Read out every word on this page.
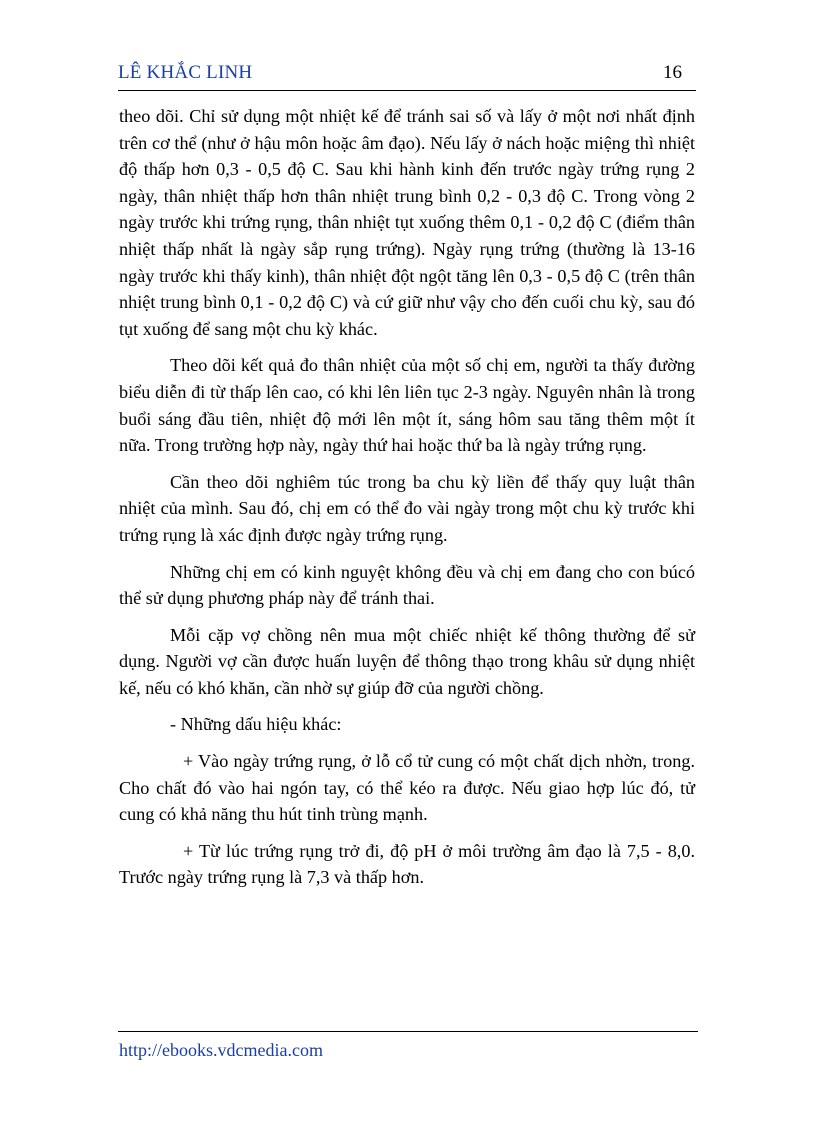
LÊ KHẮC LINH	16

theo dõi. Chỉ sử dụng một nhiệt kế để tránh sai số và lấy ở một nơi nhất định trên cơ thể (như ở hậu môn hoặc âm đạo). Nếu lấy ở nách hoặc miệng thì nhiệt độ thấp hơn 0,3 - 0,5 độ C. Sau khi hành kinh đến trước ngày trứng rụng 2 ngày, thân nhiệt thấp hơn thân nhiệt trung bình 0,2 - 0,3 độ C. Trong vòng 2 ngày trước khi trứng rụng, thân nhiệt tụt xuống thêm 0,1 - 0,2 độ C (điểm thân nhiệt thấp nhất là ngày sắp rụng trứng). Ngày rụng trứng (thường là 13-16 ngày trước khi thấy kinh), thân nhiệt đột ngột tăng lên 0,3 - 0,5 độ C (trên thân nhiệt trung bình 0,1 - 0,2 độ C) và cứ giữ như vậy cho đến cuối chu kỳ, sau đó tụt xuống để sang một chu kỳ khác.

Theo dõi kết quả đo thân nhiệt của một số chị em, người ta thấy đường biểu diễn đi từ thấp lên cao, có khi lên liên tục 2-3 ngày. Nguyên nhân là trong buổi sáng đầu tiên, nhiệt độ mới lên một ít, sáng hôm sau tăng thêm một ít nữa. Trong trường hợp này, ngày thứ hai hoặc thứ ba là ngày trứng rụng.

Cần theo dõi nghiêm túc trong ba chu kỳ liền để thấy quy luật thân nhiệt của mình. Sau đó, chị em có thể đo vài ngày trong một chu kỳ trước khi trứng rụng là xác định được ngày trứng rụng.

Những chị em có kinh nguyệt không đều và chị em đang cho con búcó thể sử dụng phương pháp này để tránh thai.

Mỗi cặp vợ chồng nên mua một chiếc nhiệt kế thông thường để sử dụng. Người vợ cần được huấn luyện để thông thạo trong khâu sử dụng nhiệt kế, nếu có khó khăn, cần nhờ sự giúp đỡ của người chồng.

- Những dấu hiệu khác:

+ Vào ngày trứng rụng, ở lỗ cổ tử cung có một chất dịch nhờn, trong. Cho chất đó vào hai ngón tay, có thể kéo ra được. Nếu giao hợp lúc đó, tử cung có khả năng thu hút tinh trùng mạnh.

+ Từ lúc trứng rụng trở đi, độ pH ở môi trường âm đạo là 7,5 - 8,0. Trước ngày trứng rụng là 7,3 và thấp hơn.

http://ebooks.vdcmedia.com
